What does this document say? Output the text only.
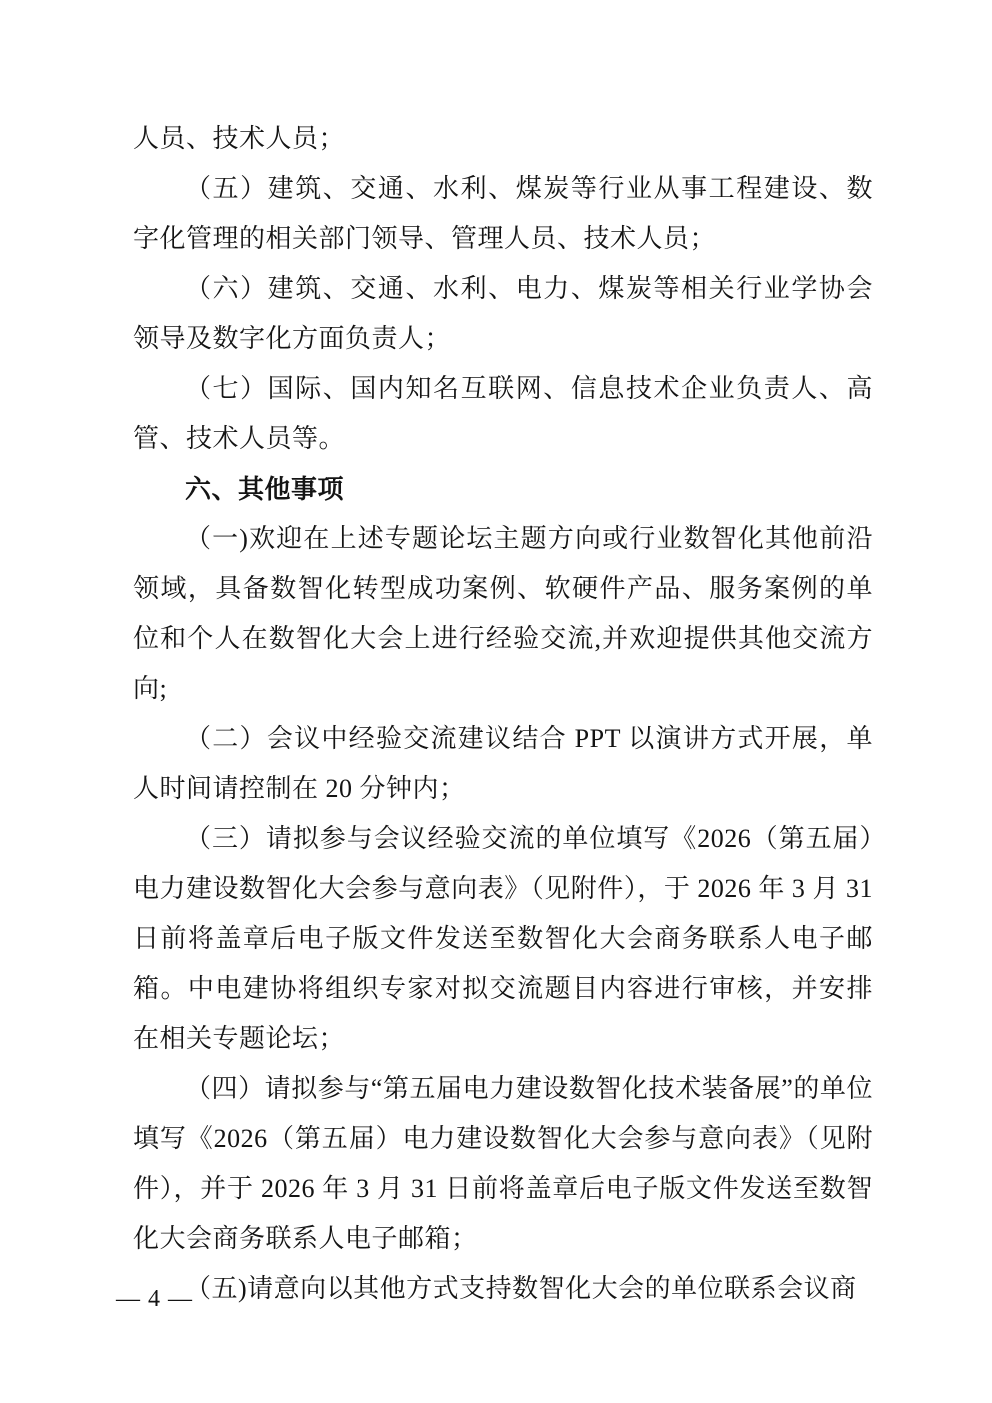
人员、技术人员；

（五）建筑、交通、水利、煤炭等行业从事工程建设、数字化管理的相关部门领导、管理人员、技术人员；

（六）建筑、交通、水利、电力、煤炭等相关行业学协会领导及数字化方面负责人；

（七）国际、国内知名互联网、信息技术企业负责人、高管、技术人员等。

六、其他事项

（一)欢迎在上述专题论坛主题方向或行业数智化其他前沿领域，具备数智化转型成功案例、软硬件产品、服务案例的单位和个人在数智化大会上进行经验交流,并欢迎提供其他交流方向;

（二）会议中经验交流建议结合 PPT 以演讲方式开展，单人时间请控制在 20 分钟内；

（三）请拟参与会议经验交流的单位填写《2026（第五届）电力建设数智化大会参与意向表》（见附件），于 2026 年 3 月 31 日前将盖章后电子版文件发送至数智化大会商务联系人电子邮箱。中电建协将组织专家对拟交流题目内容进行审核，并安排在相关专题论坛；

（四）请拟参与“第五届电力建设数智化技术装备展”的单位填写《2026（第五届）电力建设数智化大会参与意向表》（见附件），并于 2026 年 3 月 31 日前将盖章后电子版文件发送至数智化大会商务联系人电子邮箱；

（五)请意向以其他方式支持数智化大会的单位联系会议商

— 4 —
